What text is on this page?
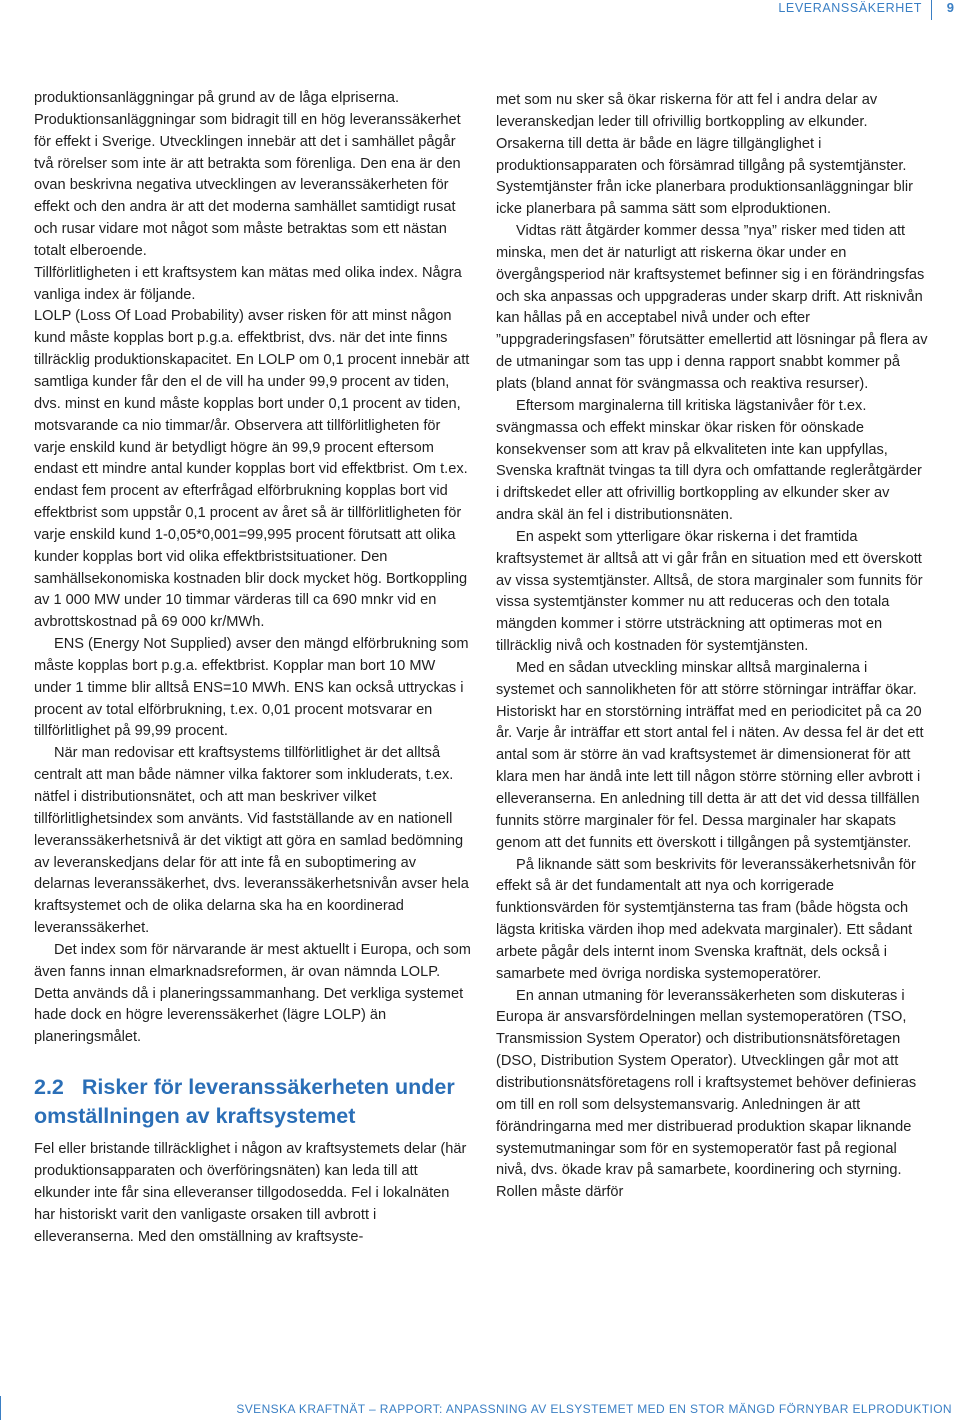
LEVERANSSÄKERHET 9

produktionsanläggningar på grund av de låga elpriserna. Produktionsanläggningar som bidragit till en hög leveranssäkerhet för effekt i Sverige. Utvecklingen innebär att det i samhället pågår två rörelser som inte är att betrakta som förenliga. Den ena är den ovan beskrivna negativa utvecklingen av leveranssäkerheten för effekt och den andra är att det moderna samhället samtidigt rusat och rusar vidare mot något som måste betraktas som ett nästan totalt elberoende.

Tillförlitligheten i ett kraftsystem kan mätas med olika index. Några vanliga index är följande.

LOLP (Loss Of Load Probability) avser risken för att minst någon kund måste kopplas bort p.g.a. effektbrist, dvs. när det inte finns tillräcklig produktionskapacitet. En LOLP om 0,1 procent innebär att samtliga kunder får den el de vill ha under 99,9 procent av tiden, dvs. minst en kund måste kopplas bort under 0,1 procent av tiden, motsvarande ca nio timmar/år. Observera att tillförlitligheten för varje enskild kund är betydligt högre än 99,9 procent eftersom endast ett mindre antal kunder kopplas bort vid effektbrist. Om t.ex. endast fem procent av efterfrågad elförbrukning kopplas bort vid effektbrist som uppstår 0,1 procent av året så är tillförlitligheten för varje enskild kund 1-0,05*0,001=99,995 procent förutsatt att olika kunder kopplas bort vid olika effektbristsituationer. Den samhällsekonomiska kostnaden blir dock mycket hög. Bortkoppling av 1 000 MW under 10 timmar värderas till ca 690 mnkr vid en avbrottskostnad på 69 000 kr/MWh.

ENS (Energy Not Supplied) avser den mängd elförbrukning som måste kopplas bort p.g.a. effektbrist. Kopplar man bort 10 MW under 1 timme blir alltså ENS=10 MWh. ENS kan också uttryckas i procent av total elförbrukning, t.ex. 0,01 procent motsvarar en tillförlitlighet på 99,99 procent.

När man redovisar ett kraftsystems tillförlitlighet är det alltså centralt att man både nämner vilka faktorer som inkluderats, t.ex. nätfel i distributionsnätet, och att man beskriver vilket tillförlitlighetsindex som använts. Vid fastställande av en nationell leveranssäkerhetsnivå är det viktigt att göra en samlad bedömning av leveranskedjans delar för att inte få en suboptimering av delarnas leveranssäkerhet, dvs. leveranssäkerhetsnivån avser hela kraftsystemet och de olika delarna ska ha en koordinerad leveranssäkerhet.

Det index som för närvarande är mest aktuellt i Europa, och som även fanns innan elmarknadsreformen, är ovan nämnda LOLP. Detta används då i planeringssammanhang. Det verkliga systemet hade dock en högre leverenssäkerhet (lägre LOLP) än planeringsmålet.

2.2 Risker för leveranssäkerheten under omställningen av kraftsystemet

Fel eller bristande tillräcklighet i någon av kraftsystemets delar (här produktionsapparaten och överföringsnäten) kan leda till att elkunder inte får sina elleveranser tillgodosedda. Fel i lokalnäten har historiskt varit den vanligaste orsaken till avbrott i elleveranserna. Med den omställning av kraftsyste-

met som nu sker så ökar riskerna för att fel i andra delar av leveranskedjan leder till ofrivillig bortkoppling av elkunder. Orsakerna till detta är både en lägre tillgänglighet i produktionsapparaten och försämrad tillgång på systemtjänster. Systemtjänster från icke planerbara produktionsanläggningar blir icke planerbara på samma sätt som elproduktionen.

Vidtas rätt åtgärder kommer dessa ”nya” risker med tiden att minska, men det är naturligt att riskerna ökar under en övergångsperiod när kraftsystemet befinner sig i en förändringsfas och ska anpassas och uppgraderas under skarp drift. Att risknivån kan hållas på en acceptabel nivå under och efter ”uppgraderingsfasen” förutsätter emellertid att lösningar på flera av de utmaningar som tas upp i denna rapport snabbt kommer på plats (bland annat för svängmassa och reaktiva resurser).

Eftersom marginalerna till kritiska lägstanivåer för t.ex. svängmassa och effekt minskar ökar risken för oönskade konsekvenser som att krav på elkvaliteten inte kan uppfyllas, Svenska kraftnät tvingas ta till dyra och omfattande regleråtgärder i driftskedet eller att ofrivillig bortkoppling av elkunder sker av andra skäl än fel i distributionsnäten.

En aspekt som ytterligare ökar riskerna i det framtida kraftsystemet är alltså att vi går från en situation med ett överskott av vissa systemtjänster. Alltså, de stora marginaler som funnits för vissa systemtjänster kommer nu att reduceras och den totala mängden kommer i större utsträckning att optimeras mot en tillräcklig nivå och kostnaden för systemtjänsten.

Med en sådan utveckling minskar alltså marginalerna i systemet och sannolikheten för att större störningar inträffar ökar. Historiskt har en storstörning inträffat med en periodicitet på ca 20 år. Varje år inträffar ett stort antal fel i näten. Av dessa fel är det ett antal som är större än vad kraftsystemet är dimensionerat för att klara men har ändå inte lett till någon större störning eller avbrott i elleveranserna. En anledning till detta är att det vid dessa tillfällen funnits större marginaler för fel. Dessa marginaler har skapats genom att det funnits ett överskott i tillgången på systemtjänster.

På liknande sätt som beskrivits för leveranssäkerhetsnivån för effekt så är det fundamentalt att nya och korrigerade funktionsvärden för systemtjänsterna tas fram (både högsta och lägsta kritiska värden ihop med adekvata marginaler). Ett sådant arbete pågår dels internt inom Svenska kraftnät, dels också i samarbete med övriga nordiska systemoperatörer.

En annan utmaning för leveranssäkerheten som diskuteras i Europa är ansvarsfördelningen mellan systemoperatören (TSO, Transmission System Operator) och distributionsnätsföretagen (DSO, Distribution System Operator). Utvecklingen går mot att distributionsnätsföretagens roll i kraftsystemet behöver definieras om till en roll som delsystemansvarig. Anledningen är att förändringarna med mer distribuerad produktion skapar liknande systemutmaningar som för en systemoperatör fast på regional nivå, dvs. ökade krav på samarbete, koordinering och styrning. Rollen måste därför

SVENSKA KRAFTNÄT – RAPPORT: ANPASSNING AV ELSYSTEMET MED EN STOR MÄNGD FÖRNYBAR ELPRODUKTION
